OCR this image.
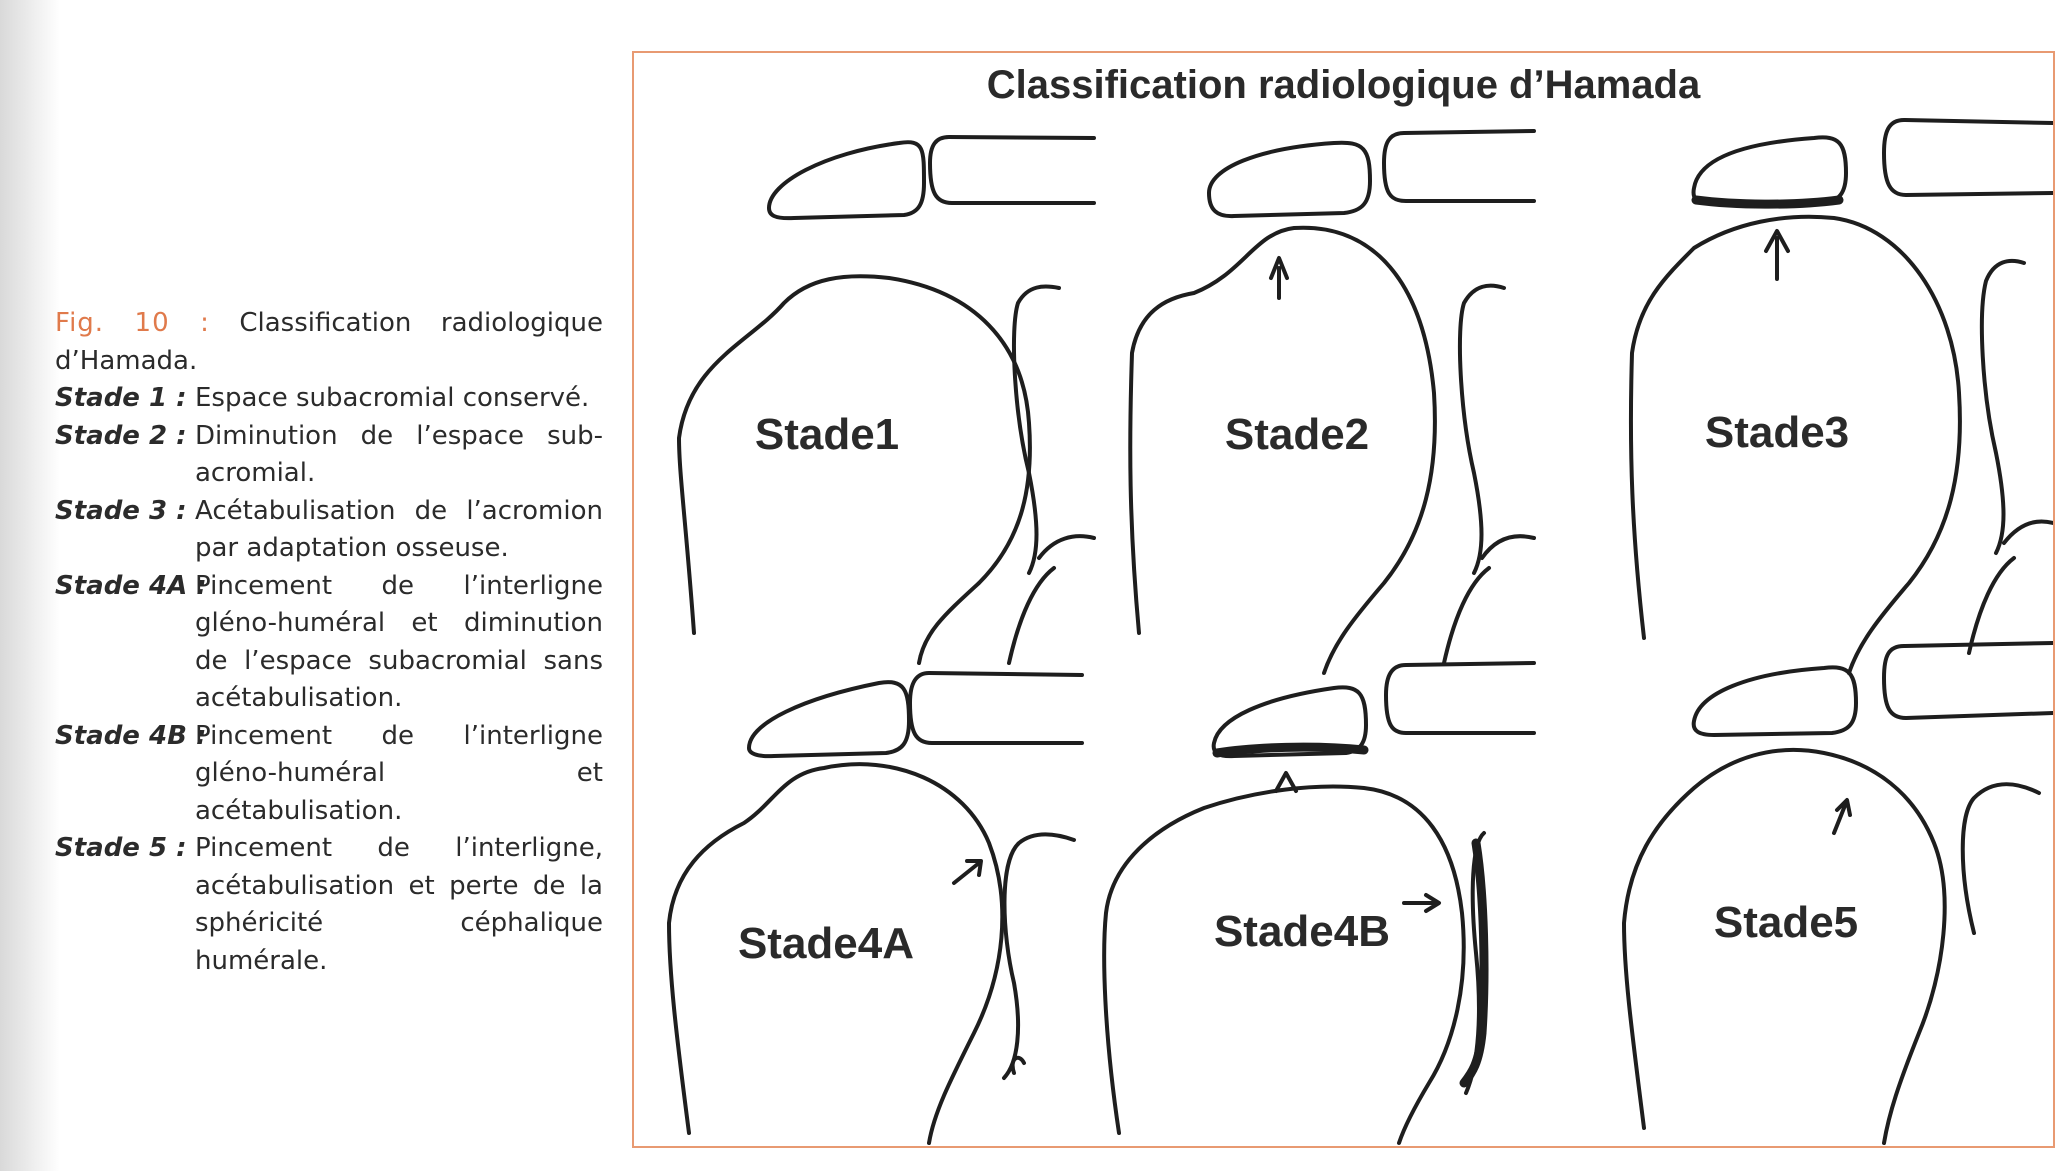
Fig. 10 : Classification radiologique d’Hamada.
Stade 1 : Espace subacromial conservé.
Stade 2 : Diminution de l’espace sub-acromial.
Stade 3 : Acétabulisation de l’acromion par adaptation osseuse.
Stade 4A :
Pincement de l’interligne gléno-huméral et diminution de l’espace subacromial sans acétabulisation.
Stade 4B :
Pincement de l’interligne gléno-huméral et acétabulisation.
Stade 5 : Pincement de l’interligne, acétabulisation et perte de la sphéricité céphalique humérale.
Classification radiologique d’Hamada
Stade1	Stade2	Stade3
Stade4A	Stade4B	Stade5
